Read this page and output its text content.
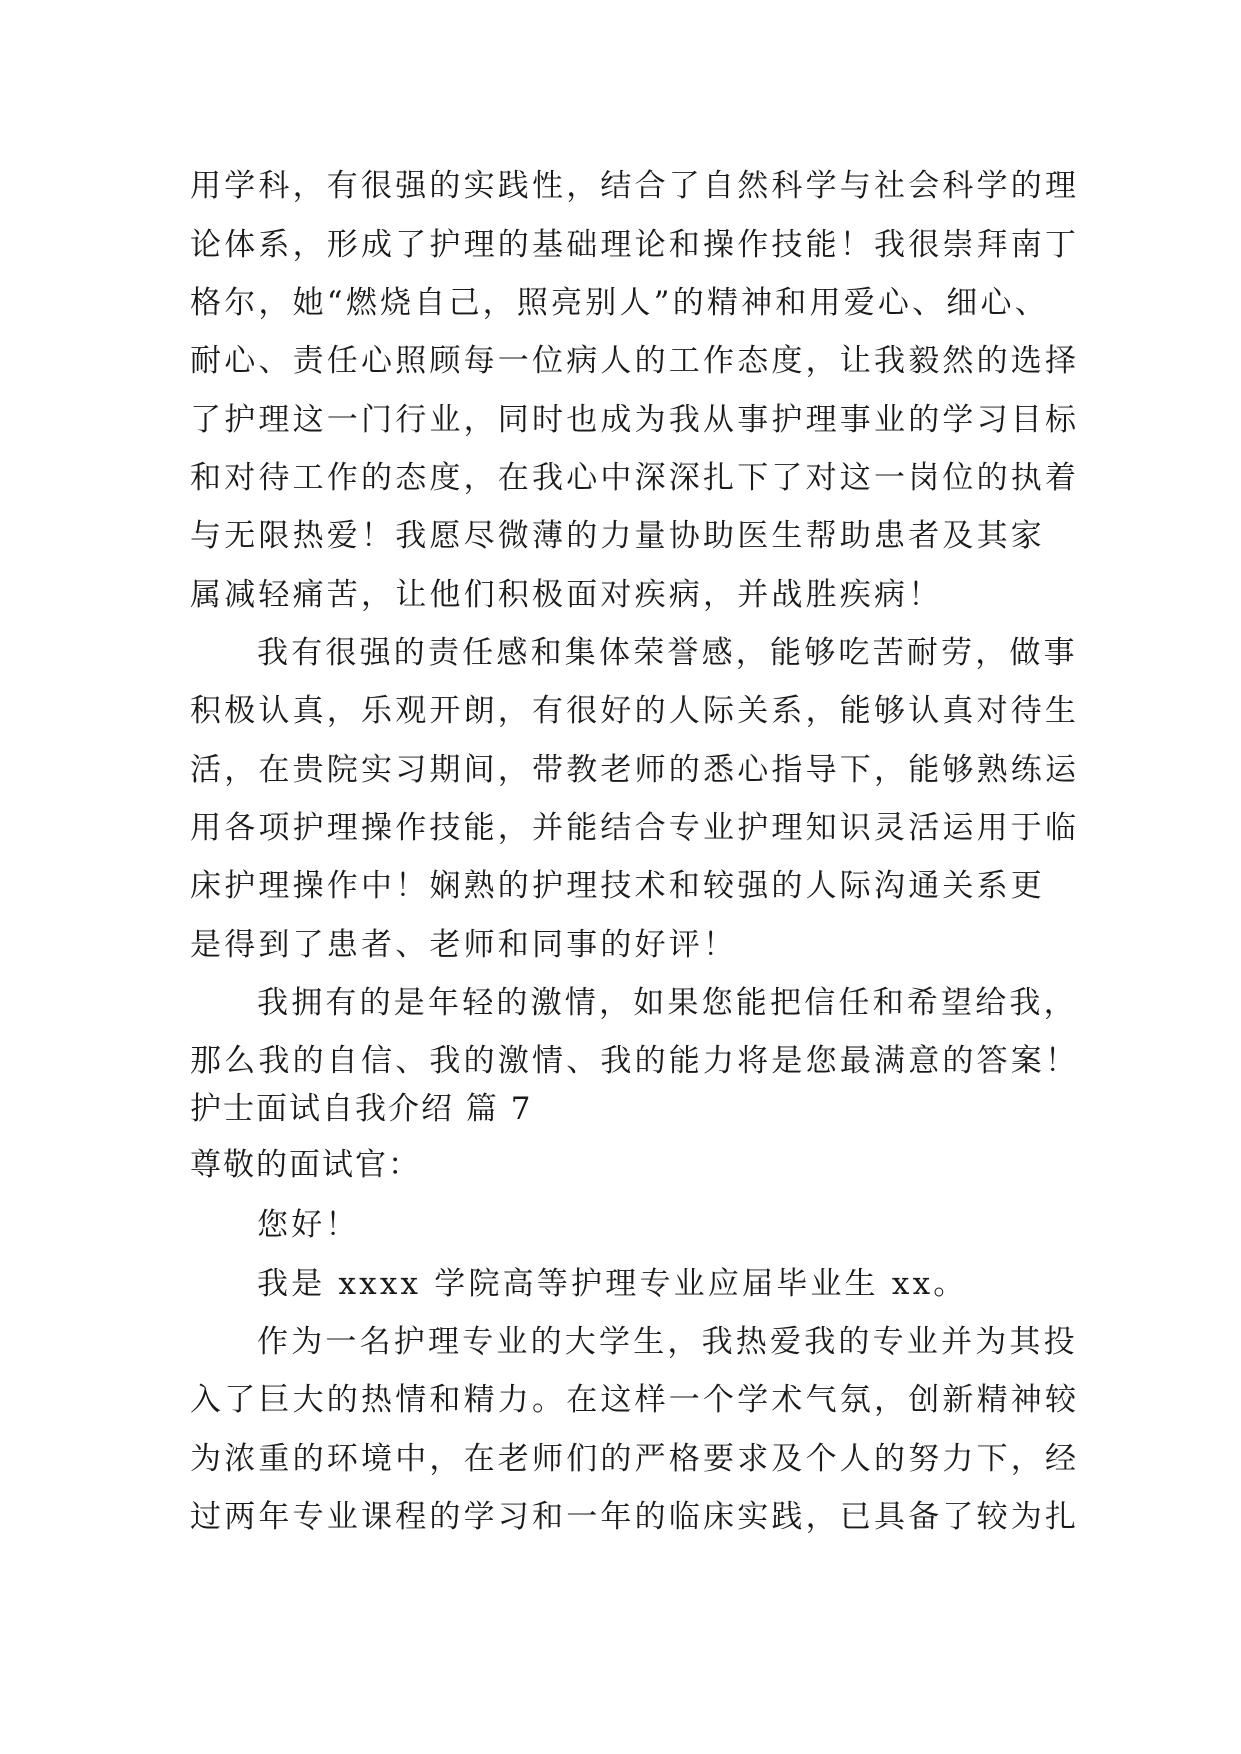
用学科，有很强的实践性，结合了自然科学与社会科学的理
论体系，形成了护理的基础理论和操作技能！我很崇拜南丁
格尔，她“燃烧自己，照亮别人”的精神和用爱心、细心、
耐心、责任心照顾每一位病人的工作态度，让我毅然的选择
了护理这一门行业，同时也成为我从事护理事业的学习目标
和对待工作的态度，在我心中深深扎下了对这一岗位的执着
与无限热爱！我愿尽微薄的力量协助医生帮助患者及其家
属减轻痛苦，让他们积极面对疾病，并战胜疾病！
我有很强的责任感和集体荣誉感，能够吃苦耐劳，做事
积极认真，乐观开朗，有很好的人际关系，能够认真对待生
活，在贵院实习期间，带教老师的悉心指导下，能够熟练运
用各项护理操作技能，并能结合专业护理知识灵活运用于临
床护理操作中！娴熟的护理技术和较强的人际沟通关系更
是得到了患者、老师和同事的好评！
我拥有的是年轻的激情，如果您能把信任和希望给我，
那么我的自信、我的激情、我的能力将是您最满意的答案！
护士面试自我介绍 篇 7
尊敬的面试官：
您好！
我是 xxxx 学院高等护理专业应届毕业生 xx。
作为一名护理专业的大学生，我热爱我的专业并为其投
入了巨大的热情和精力。在这样一个学术气氛，创新精神较
为浓重的环境中，在老师们的严格要求及个人的努力下，经
过两年专业课程的学习和一年的临床实践，已具备了较为扎
